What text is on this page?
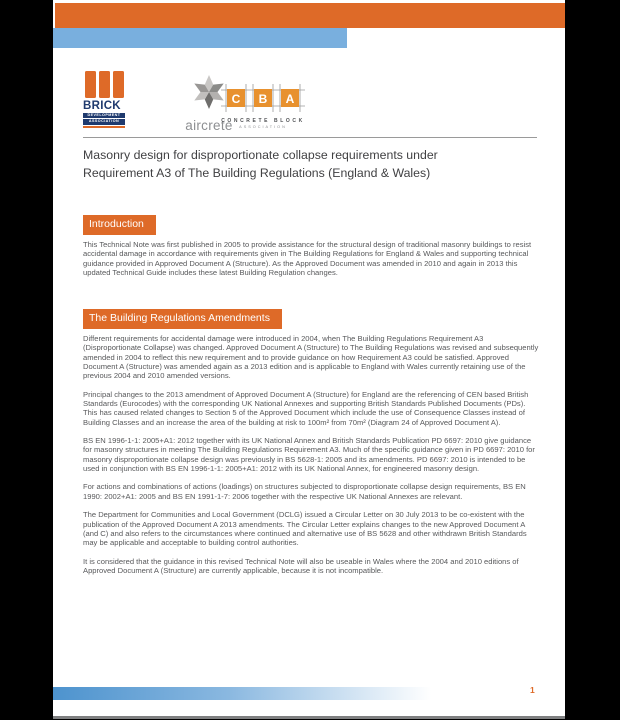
BRICK
DEVELOPMENT
ASSOCIATION	aircrete
C B A
CONCRETE BLOCK
ASSOCIATION
Masonry design for disproportionate collapse requirements under Requirement A3 of The Building Regulations (England & Wales)
Introduction

This Technical Note was first published in 2005 to provide assistance for the structural design of traditional masonry buildings to resist accidental damage in accordance with requirements given in The Building Regulations for England & Wales and supporting technical guidance provided in Approved Document A (Structure). As the Approved Document was amended in 2010 and again in 2013 this updated Technical Guide includes these latest Building Regulation changes.

The Building Regulations Amendments

Different requirements for accidental damage were introduced in 2004, when The Building Regulations Requirement A3 (Disproportionate Collapse) was changed. Approved Document A (Structure) to The Building Regulations was revised and subsequently amended in 2004 to reflect this new requirement and to provide guidance on how Requirement A3 could be satisfied. Approved Document A (Structure) was amended again as a 2013 edition and is applicable to England with Wales currently retaining use of the previous 2004 and 2010 amended versions.

Principal changes to the 2013 amendment of Approved Document A (Structure) for England are the referencing of CEN based British Standards (Eurocodes) with the corresponding UK National Annexes and supporting British Standards Published Documents (PDs). This has caused related changes to Section 5 of the Approved Document which include the use of Consequence Classes instead of Building Classes and an increase the area of the building at risk to 100m² from 70m² (Diagram 24 of Approved Document A).

BS EN 1996-1-1: 2005+A1: 2012 together with its UK National Annex and British Standards Publication PD 6697: 2010 give guidance for masonry structures in meeting The Building Regulations Requirement A3. Much of the specific guidance given in PD 6697: 2010 for masonry disproportionate collapse design was previously in BS 5628-1: 2005 and its amendments. PD 6697: 2010 is intended to be used in conjunction with BS EN 1996-1-1: 2005+A1: 2012 with its UK National Annex, for engineered masonry design.

For actions and combinations of actions (loadings) on structures subjected to disproportionate collapse design requirements, BS EN 1990: 2002+A1: 2005 and BS EN 1991-1-7: 2006 together with the respective UK National Annexes are relevant.

The Department for Communities and Local Government (DCLG) issued a Circular Letter on 30 July 2013 to be co-existent with the publication of the Approved Document A 2013 amendments. The Circular Letter explains changes to the new Approved Document A (and C) and also refers to the circumstances where continued and alternative use of BS 5628 and other withdrawn British Standards may be applicable and acceptable to building control authorities.

It is considered that the guidance in this revised Technical Note will also be useable in Wales where the 2004 and 2010 editions of Approved Document A (Structure) are currently applicable, because it is not incompatible.

1
